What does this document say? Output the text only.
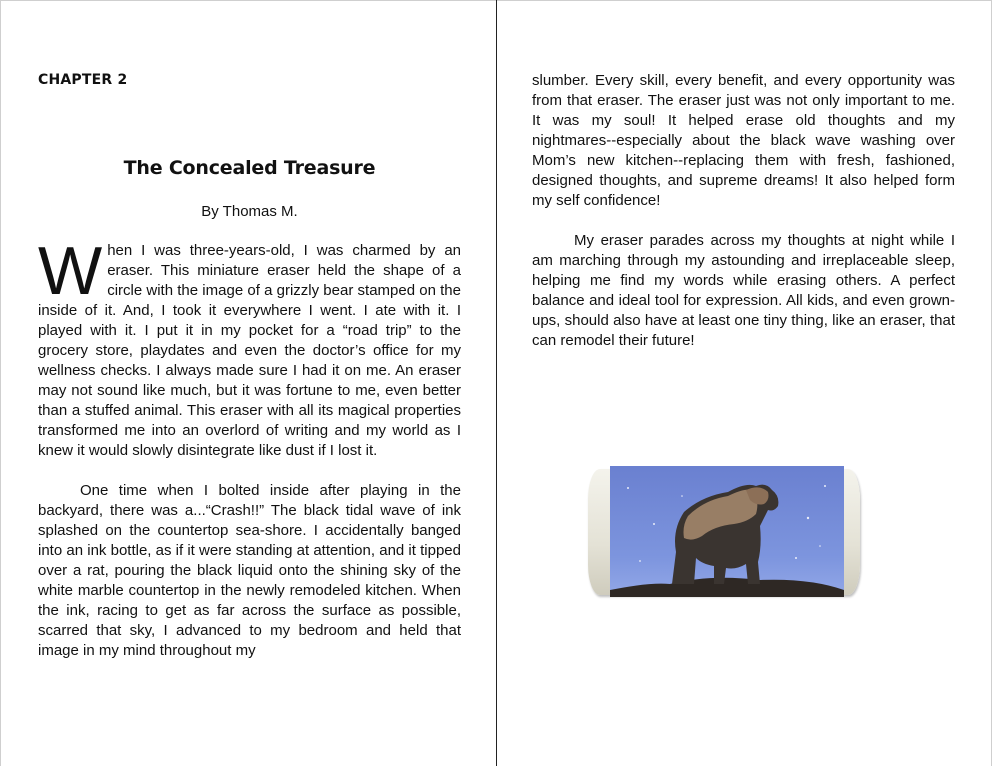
CHAPTER 2
The Concealed Treasure
By Thomas M.

When I was three-years-old, I was charmed by an eraser. This miniature eraser held the shape of a circle with the image of a grizzly bear stamped on the inside of it. And, I took it everywhere I went. I ate with it. I played with it. I put it in my pocket for a “road trip” to the grocery store, playdates and even the doctor’s office for my wellness checks. I always made sure I had it on me. An eraser may not sound like much, but it was fortune to me, even better than a stuffed animal. This eraser with all its magical properties transformed me into an overlord of writing and my world as I knew it would slowly disintegrate like dust if I lost it.

One time when I bolted inside after playing in the backyard, there was a...“Crash!!” The black tidal wave of ink splashed on the countertop sea-shore. I accidentally banged into an ink bottle, as if it were standing at attention, and it tipped over a rat, pouring the black liquid onto the shining sky of the white marble countertop in the newly remodeled kitchen. When the ink, racing to get as far across the surface as possible, scarred that sky, I advanced to my bedroom and held that image in my mind throughout my

slumber. Every skill, every benefit, and every opportunity was from that eraser. The eraser just was not only important to me. It was my soul! It helped erase old thoughts and my nightmares--especially about the black wave washing over Mom’s new kitchen--replacing them with fresh, fashioned, designed thoughts, and supreme dreams! It also helped form my self confidence!

My eraser parades across my thoughts at night while I am marching through my astounding and irreplaceable sleep, helping me find my words while erasing others. A perfect balance and ideal tool for expression. All kids, and even grown-ups, should also have at least one tiny thing, like an eraser, that can remodel their future!
